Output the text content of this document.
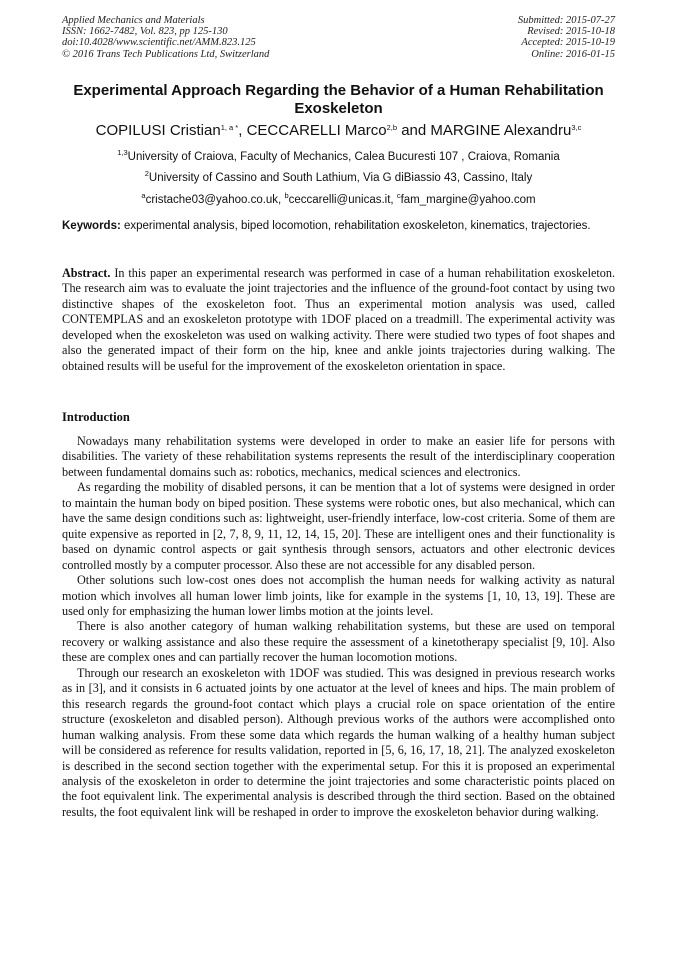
Applied Mechanics and Materials
ISSN: 1662-7482, Vol. 823, pp 125-130
doi:10.4028/www.scientific.net/AMM.823.125
© 2016 Trans Tech Publications Ltd, Switzerland
Submitted: 2015-07-27
Revised: 2015-10-18
Accepted: 2015-10-19
Online: 2016-01-15
Experimental Approach Regarding the Behavior of a Human Rehabilitation Exoskeleton
COPILUSI Cristian$^{1, a *}$, CECCARELLI Marco$^{2,b}$ and MARGINE Alexandru$^{3,c}$
$^{1,3}$University of Craiova, Faculty of Mechanics, Calea Bucuresti 107 , Craiova, Romania
$^2$University of Cassino and South Lathium, Via G diBiassio 43, Cassino, Italy
$^a$cristache03@yahoo.co.uk, $^b$ceccarelli@unicas.it, $^c$fam_margine@yahoo.com
Keywords: experimental analysis, biped locomotion, rehabilitation exoskeleton, kinematics, trajectories.
Abstract. In this paper an experimental research was performed in case of a human rehabilitation exoskeleton. The research aim was to evaluate the joint trajectories and the influence of the ground-foot contact by using two distinctive shapes of the exoskeleton foot. Thus an experimental motion analysis was used, called CONTEMPLAS and an exoskeleton prototype with 1DOF placed on a treadmill. The experimental activity was developed when the exoskeleton was used on walking activity. There were studied two types of foot shapes and also the generated impact of their form on the hip, knee and ankle joints trajectories during walking. The obtained results will be useful for the improvement of the exoskeleton orientation in space.
Introduction

Nowadays many rehabilitation systems were developed in order to make an easier life for persons with disabilities. The variety of these rehabilitation systems represents the result of the interdisciplinary cooperation between fundamental domains such as: robotics, mechanics, medical sciences and electronics.

As regarding the mobility of disabled persons, it can be mention that a lot of systems were designed in order to maintain the human body on biped position. These systems were robotic ones, but also mechanical, which can have the same design conditions such as: lightweight, user-friendly interface, low-cost criteria. Some of them are quite expensive as reported in [2, 7, 8, 9, 11, 12, 14, 15, 20]. These are intelligent ones and their functionality is based on dynamic control aspects or gait synthesis through sensors, actuators and other electronic devices controlled mostly by a computer processor. Also these are not accessible for any disabled person.

Other solutions such low-cost ones does not accomplish the human needs for walking activity as natural motion which involves all human lower limb joints, like for example in the systems [1, 10, 13, 19]. These are used only for emphasizing the human lower limbs motion at the joints level.

There is also another category of human walking rehabilitation systems, but these are used on temporal recovery or walking assistance and also these require the assessment of a kinetotherapy specialist [9, 10]. Also these are complex ones and can partially recover the human locomotion motions.

Through our research an exoskeleton with 1DOF was studied. This was designed in previous research works as in [3], and it consists in 6 actuated joints by one actuator at the level of knees and hips. The main problem of this research regards the ground-foot contact which plays a crucial role on space orientation of the entire structure (exoskeleton and disabled person). Although previous works of the authors were accomplished onto human walking analysis. From these some data which regards the human walking of a healthy human subject will be considered as reference for results validation, reported in [5, 6, 16, 17, 18, 21]. The analyzed exoskeleton is described in the second section together with the experimental setup. For this it is proposed an experimental analysis of the exoskeleton in order to determine the joint trajectories and some characteristic points placed on the foot equivalent link. The experimental analysis is described through the third section. Based on the obtained results, the foot equivalent link will be reshaped in order to improve the exoskeleton behavior during walking.
